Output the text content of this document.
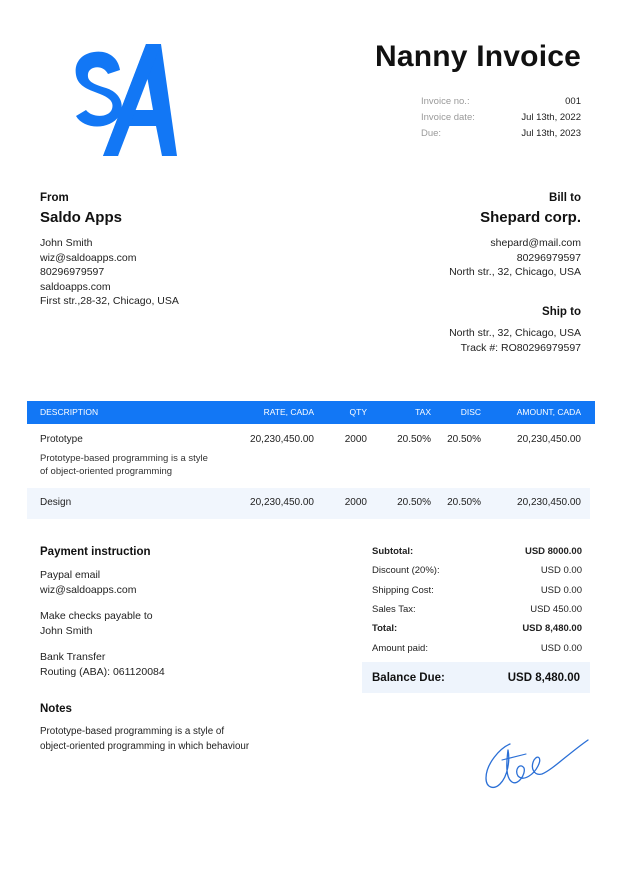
Nanny Invoice
Invoice no.:	001
Invoice date:	Jul 13th, 2022
Due:	Jul 13th, 2023
From
Saldo Apps
John Smith
wiz@saldoapps.com
80296979597
saldoapps.com
First str.,28-32, Chicago, USA
Bill to
Shepard corp.
shepard@mail.com
80296979597
North str., 32, Chicago, USA
Ship to
North str., 32, Chicago, USA
Track #: RO80296979597
DESCRIPTION	RATE, CADA	QTY	TAX	DISC	AMOUNT, CADA
Prototype	20,230,450.00	2000	20.50% 20.50%	20,230,450.00
Prototype-based programming is a style
of object-oriented programming
Design	20,230,450.00	2000	20.50% 20.50%	20,230,450.00
Payment instruction
Paypal email
wiz@saldoapps.com
Make checks payable to
John Smith
Bank Transfer
Routing (ABA): 061120084
Notes
Prototype-based programming is a style of
object-oriented programming in which behaviour
Subtotal:	USD 8000.00
Discount (20%):	USD 0.00
Shipping Cost:	USD 0.00
Sales Tax:	USD 450.00
Total:	USD 8,480.00
Amount paid:	USD 0.00
Balance Due:	USD 8,480.00
